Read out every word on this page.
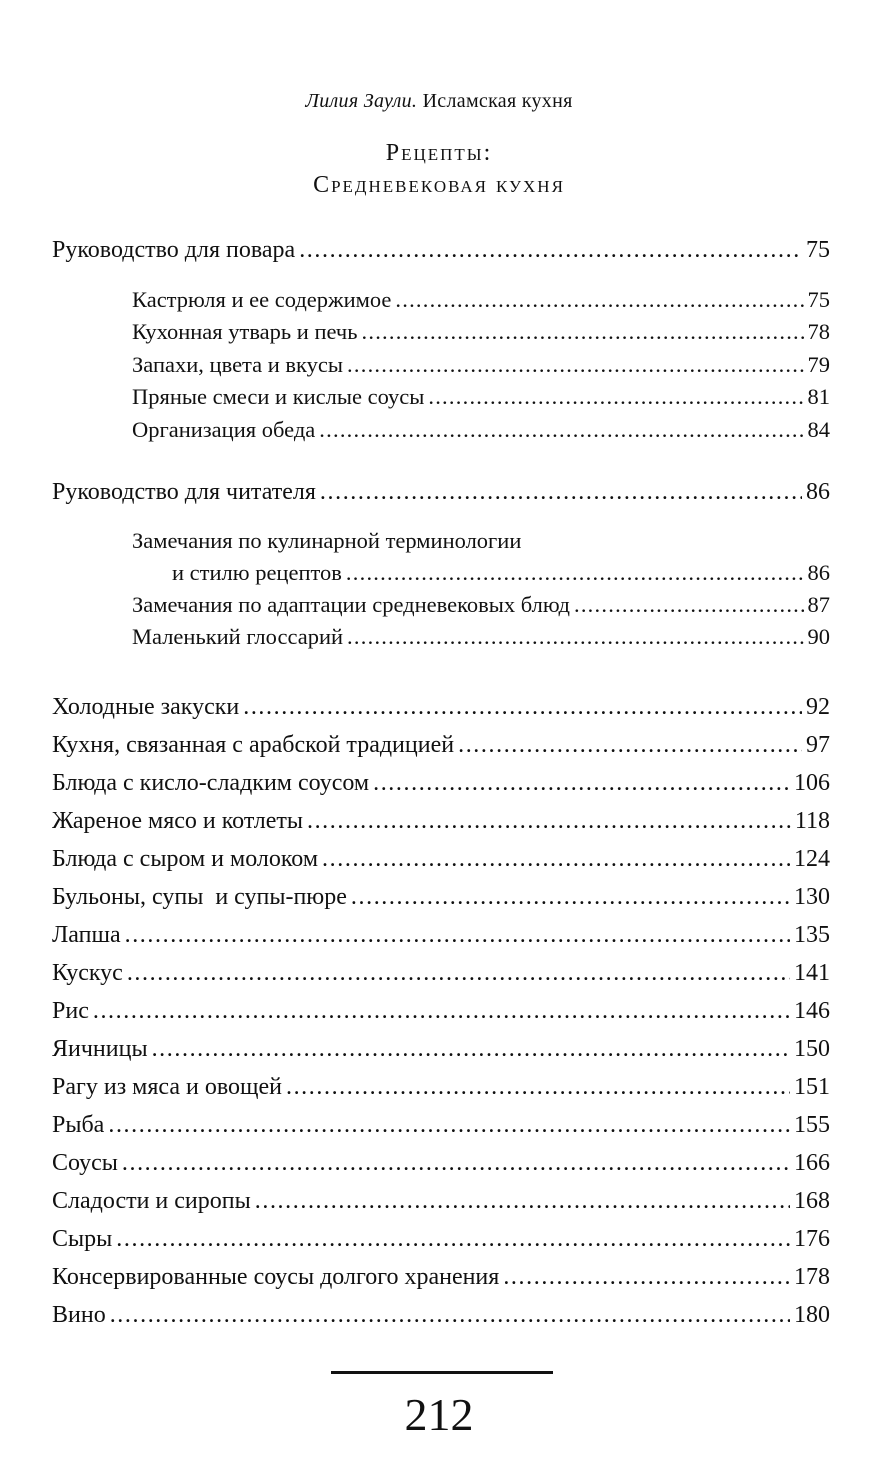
Лилия Заули. Исламская кухня
Рецепты:
Средневековая кухня
Руководство для повара . . .	75
Кастрюля и ее содержимое . . .	75
Кухонная утварь и печь . . .	78
Запахи, цвета и вкусы . . .	79
Пряные смеси и кислые соусы . . .	81
Организация обеда . . .	84
Руководство для читателя . . .	86
Замечания по кулинарной терминологии
и стилю рецептов . . .	86
Замечания по адаптации средневековых блюд . . .	87
Маленький глоссарий . . .	90
Холодные закуски . . .	92
Кухня, связанная с арабской традицией . . .	97
Блюда с кисло-сладким соусом . . .	106
Жареное мясо и котлеты . . .	118
Блюда с сыром и молоком . . .	124
Бульоны, супы  и супы-пюре . . .	130
Лапша . . .	135
Кускус . . .	141
Рис . . .	146
Яичницы . . .	150
Рагу из мяса и овощей . . .	151
Рыба . . .	155
Соусы . . .	166
Сладости и сиропы . . .	168
Сыры . . .	176
Консервированные соусы долгого хранения . . .	178
Вино . . .	180
212
